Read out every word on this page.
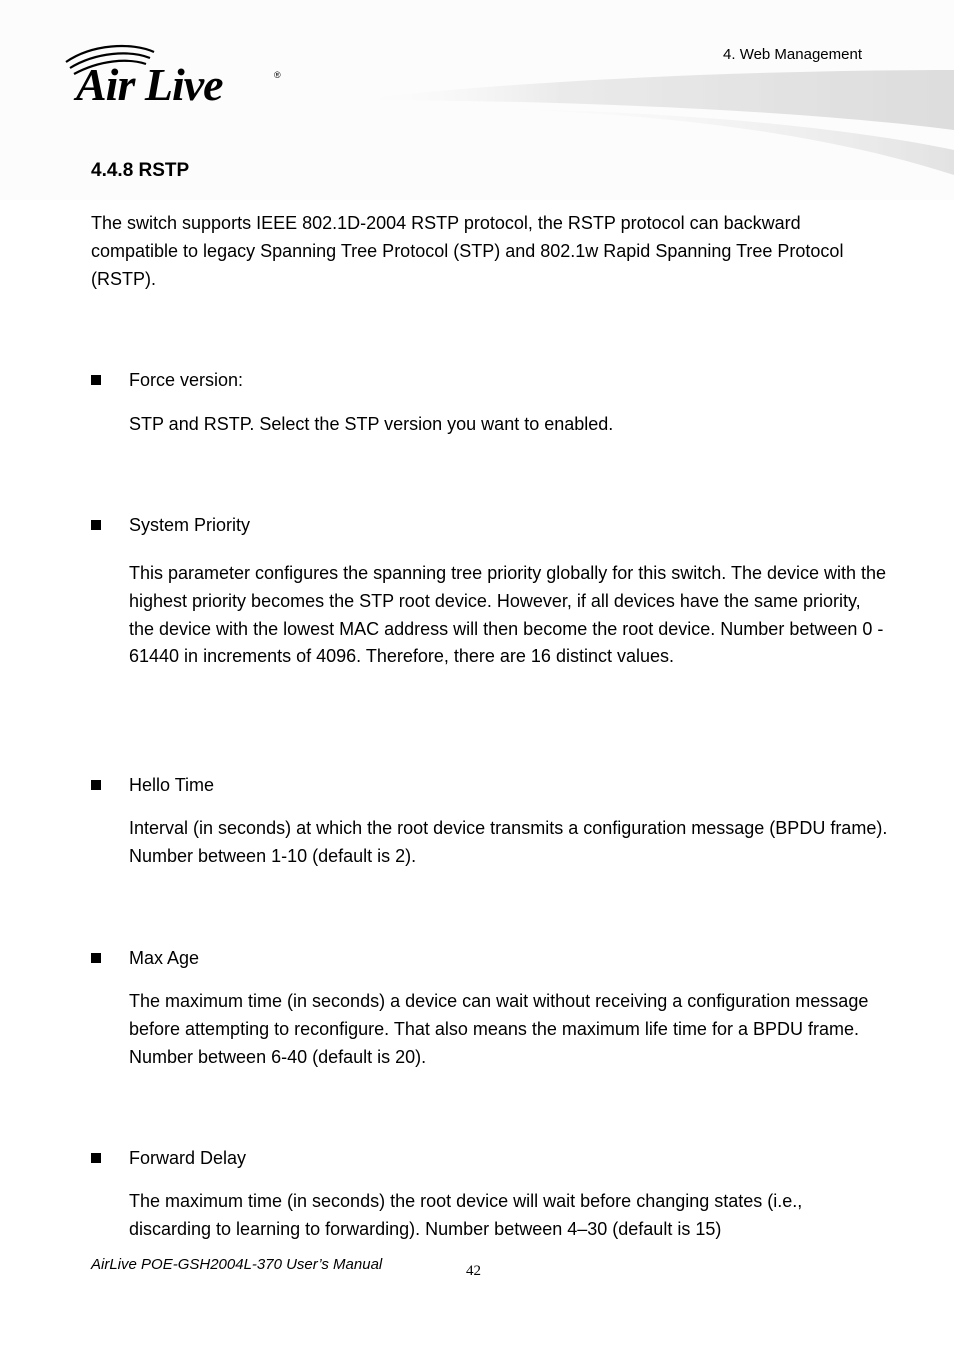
Air Live	®
4. Web Management
4.4.8 RSTP

The switch supports IEEE 802.1D-2004 RSTP protocol, the RSTP protocol can backward compatible to legacy Spanning Tree Protocol (STP) and 802.1w Rapid Spanning Tree Protocol (RSTP).

Force version:

STP and RSTP. Select the STP version you want to enabled.

System Priority

This parameter configures the spanning tree priority globally for this switch. The device with the highest priority becomes the STP root device. However, if all devices have the same priority, the device with the lowest MAC address will then become the root device. Number between 0 - 61440 in increments of 4096. Therefore, there are 16 distinct values.

Hello Time

Interval (in seconds) at which the root device transmits a configuration message (BPDU frame). Number between 1-10 (default is 2).

Max Age

The maximum time (in seconds) a device can wait without receiving a configuration message before attempting to reconfigure. That also means the maximum life time for a BPDU frame. Number between 6-40 (default is 20).

Forward Delay

The maximum time (in seconds) the root device will wait before changing states (i.e., discarding to learning to forwarding). Number between 4–30 (default is 15)

AirLive POE-GSH2004L-370 User’s Manual	42
